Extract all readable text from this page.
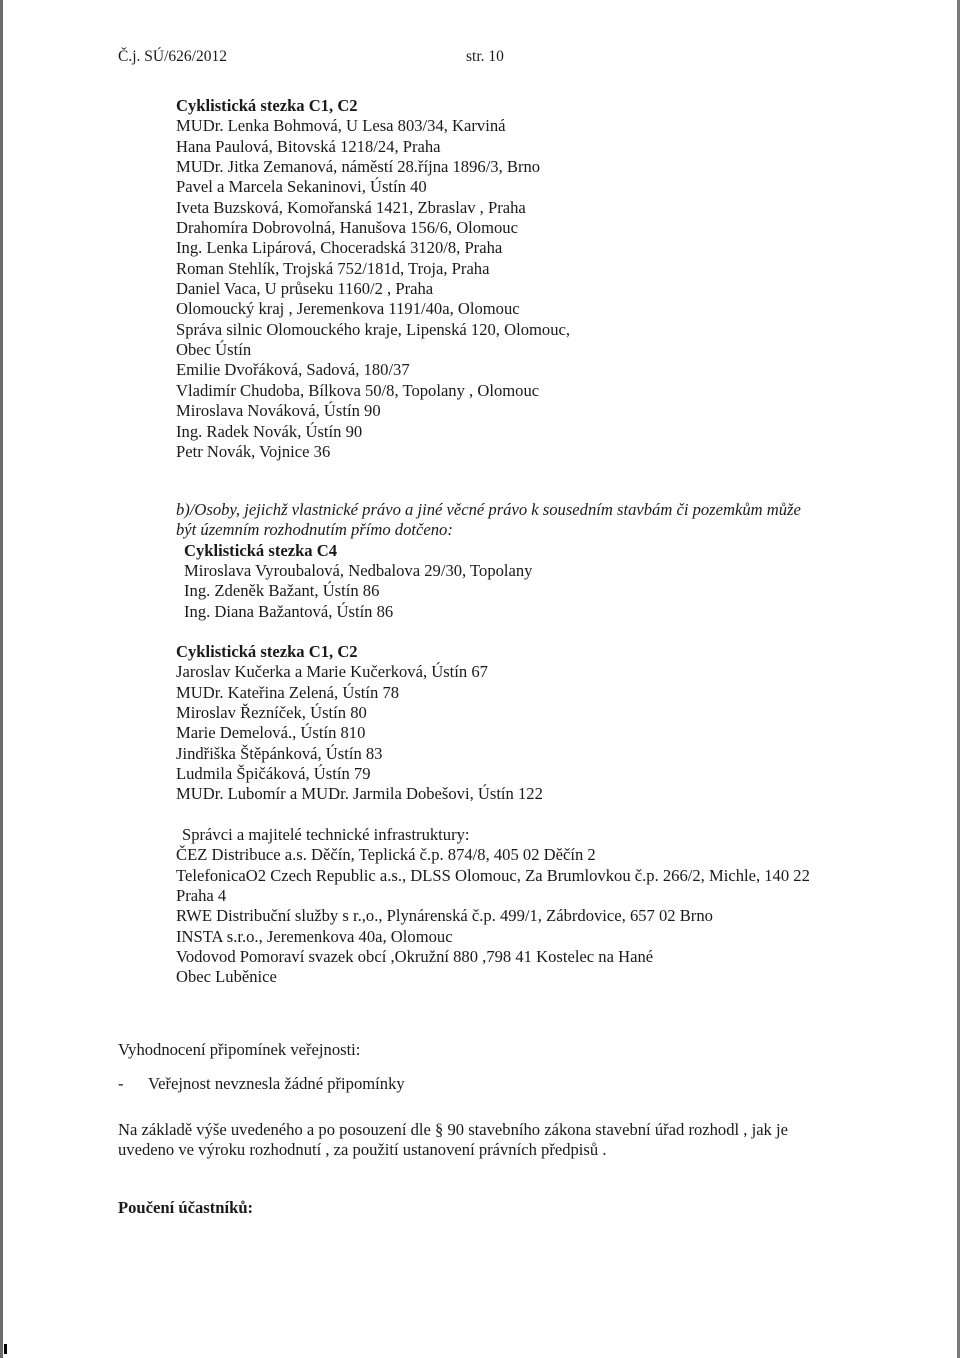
Č.j. SÚ/626/2012	str. 10
Cyklistická stezka C1, C2
MUDr. Lenka Bohmová, U Lesa 803/34, Karviná
Hana Paulová, Bitovská 1218/24, Praha
MUDr. Jitka Zemanová, náměstí 28.října 1896/3, Brno
Pavel a Marcela Sekaninovi, Ústín 40
Iveta Buzsková, Komořanská 1421, Zbraslav , Praha
Drahomíra Dobrovolná, Hanušova 156/6, Olomouc
Ing. Lenka Lipárová, Choceradská 3120/8, Praha
Roman Stehlík, Trojská 752/181d, Troja, Praha
Daniel Vaca, U průseku 1160/2 , Praha
Olomoucký kraj , Jeremenkova 1191/40a, Olomouc
Správa silnic Olomouckého kraje, Lipenská 120, Olomouc,
Obec Ústín
Emilie Dvořáková, Sadová, 180/37
Vladimír Chudoba, Bílkova 50/8, Topolany , Olomouc
Miroslava Nováková, Ústín 90
Ing. Radek Novák, Ústín 90
Petr Novák, Vojnice 36
b)/Osoby, jejichž vlastnické právo a jiné věcné právo k sousedním stavbám či pozemkům může
být územním rozhodnutím přímo dotčeno:
Cyklistická stezka C4
Miroslava Vyroubalová, Nedbalova 29/30, Topolany
Ing. Zdeněk Bažant, Ústín 86
Ing. Diana Bažantová, Ústín 86
Cyklistická stezka C1, C2
Jaroslav Kučerka a Marie Kučerková, Ústín 67
MUDr. Kateřina Zelená, Ústín 78
Miroslav Řezníček, Ústín 80
Marie Demelová., Ústín 810
Jindřiška Štěpánková, Ústín 83
Ludmila Špičáková, Ústín 79
MUDr. Lubomír a MUDr. Jarmila Dobešovi, Ústín 122
Správci a majitelé technické infrastruktury:
ČEZ Distribuce a.s. Děčín, Teplická č.p. 874/8, 405 02 Děčín 2
TelefonicaO2 Czech Republic a.s., DLSS Olomouc, Za Brumlovkou č.p. 266/2, Michle, 140 22
Praha 4
RWE Distribuční služby s r.,o., Plynárenská č.p. 499/1, Zábrdovice, 657 02 Brno
INSTA s.r.o., Jeremenkova 40a, Olomouc
Vodovod Pomoraví svazek obcí ,Okružní 880 ,798 41 Kostelec na Hané
Obec Luběnice
Vyhodnocení připomínek veřejnosti:
- Veřejnost nevznesla žádné připomínky
Na základě výše uvedeného a po posouzení dle § 90 stavebního zákona stavební úřad rozhodl , jak je
uvedeno ve výroku rozhodnutí , za použití ustanovení právních předpisů .
Poučení účastníků:
